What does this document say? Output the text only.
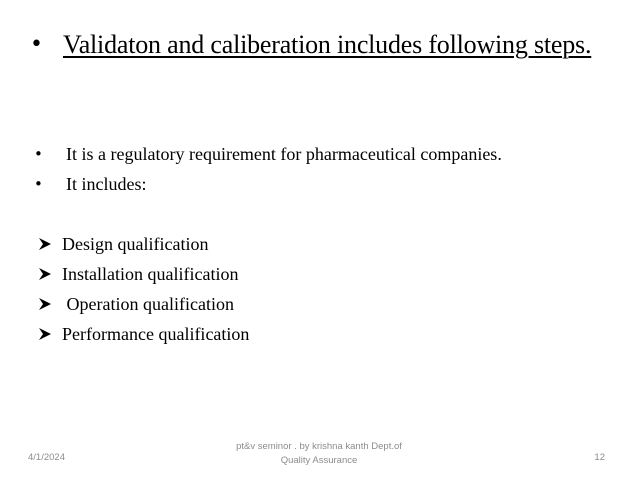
• Validaton and caliberation includes following steps.
•	It is a regulatory requirement for pharmaceutical companies.
•	It includes:
Design qualification
Installation qualification
Operation qualification
Performance qualification
4/1/2024
pt&v seminor . by krishna kanth Dept.of
Quality Assurance	12
